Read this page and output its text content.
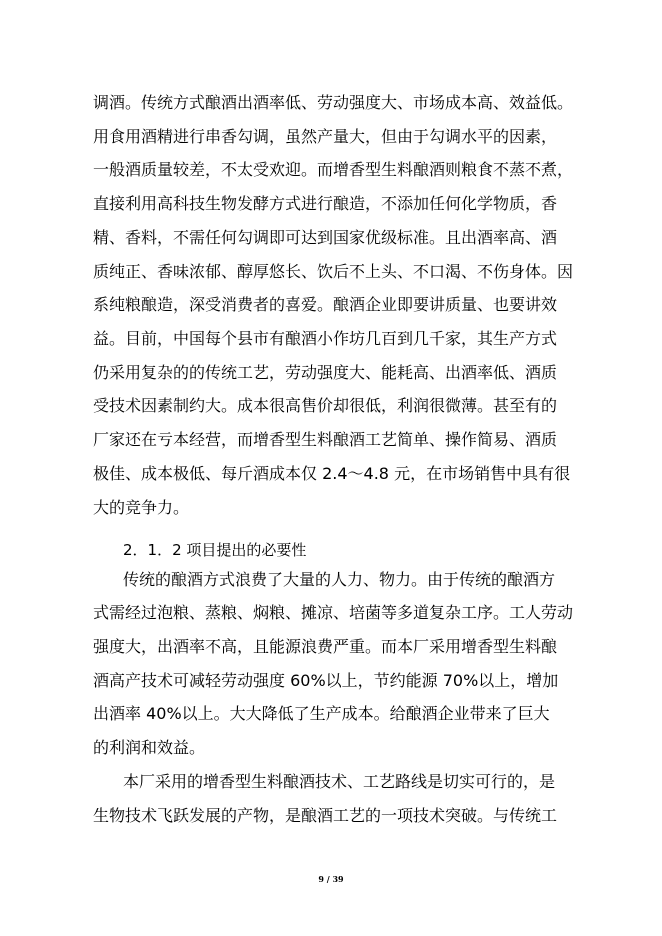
调酒。传统方式酿酒出酒率低、劳动强度大、市场成本高、效益低。
用食用酒精进行串香勾调，虽然产量大，但由于勾调水平的因素，
一般酒质量较差，不太受欢迎。而增香型生料酿酒则粮食不蒸不煮，
直接利用高科技生物发酵方式进行酿造，不添加任何化学物质，香
精、香料，不需任何勾调即可达到国家优级标准。且出酒率高、酒
质纯正、香味浓郁、醇厚悠长、饮后不上头、不口渴、不伤身体。因
系纯粮酿造，深受消费者的喜爱。酿酒企业即要讲质量、也要讲效
益。目前，中国每个县市有酿酒小作坊几百到几千家，其生产方式
仍采用复杂的的传统工艺，劳动强度大、能耗高、出酒率低、酒质
受技术因素制约大。成本很高售价却很低，利润很微薄。甚至有的
厂家还在亏本经营，而增香型生料酿酒工艺简单、操作简易、酒质
极佳、成本极低、每斤酒成本仅 2.4～4.8 元，在市场销售中具有很
大的竞争力。
2．1．2 项目提出的必要性
传统的酿酒方式浪费了大量的人力、物力。由于传统的酿酒方
式需经过泡粮、蒸粮、焖粮、摊凉、培菌等多道复杂工序。工人劳动
强度大，出酒率不高，且能源浪费严重。而本厂采用增香型生料酿
酒高产技术可减轻劳动强度 60%以上，节约能源 70%以上，增加
出酒率 40%以上。大大降低了生产成本。给酿酒企业带来了巨大
的利润和效益。
本厂采用的增香型生料酿酒技术、工艺路线是切实可行的，是
生物技术飞跃发展的产物，是酿酒工艺的一项技术突破。与传统工
9 / 39
